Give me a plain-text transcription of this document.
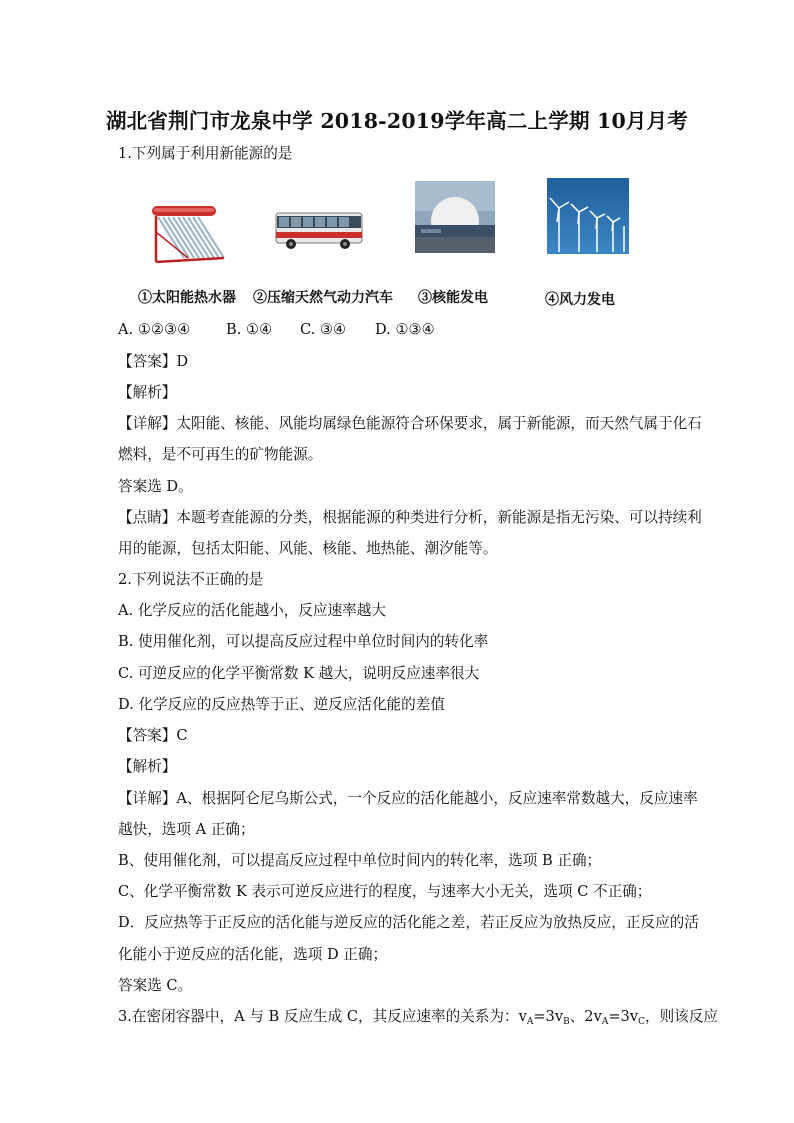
湖北省荆门市龙泉中学 2018-2019学年高二上学期 10月月考
1.下列属于利用新能源的是
①太阳能热水器 ②压缩天然气动力汽车 ③核能发电	④风力发电
A. ①②③④ B. ①④ C. ③④ D. ①③④
【答案】D
【解析】
【详解】太阳能、核能、风能均属绿色能源符合环保要求，属于新能源，而天然气属于化石
燃料，是不可再生的矿物能源。
答案选 D。
【点睛】本题考查能源的分类，根据能源的种类进行分析，新能源是指无污染、可以持续利
用的能源，包括太阳能、风能、核能、地热能、潮汐能等。
2.下列说法不正确的是
A. 化学反应的活化能越小，反应速率越大
B. 使用催化剂，可以提高反应过程中单位时间内的转化率
C. 可逆反应的化学平衡常数 K 越大，说明反应速率很大
D. 化学反应的反应热等于正、逆反应活化能的差值
【答案】C
【解析】
【详解】A、根据阿仑尼乌斯公式，一个反应的活化能越小，反应速率常数越大，反应速率
越快，选项 A 正确；
B、使用催化剂，可以提高反应过程中单位时间内的转化率，选项 B 正确；
C、化学平衡常数 K 表示可逆反应进行的程度，与速率大小无关，选项 C 不正确；
D．反应热等于正反应的活化能与逆反应的活化能之差，若正反应为放热反应，正反应的活
化能小于逆反应的活化能，选项 D 正确；
答案选 C。
3.在密闭容器中，A 与 B 反应生成 C，其反应速率的关系为：$v_A=3v_B$、$2v_A=3v_C$，则该反应
